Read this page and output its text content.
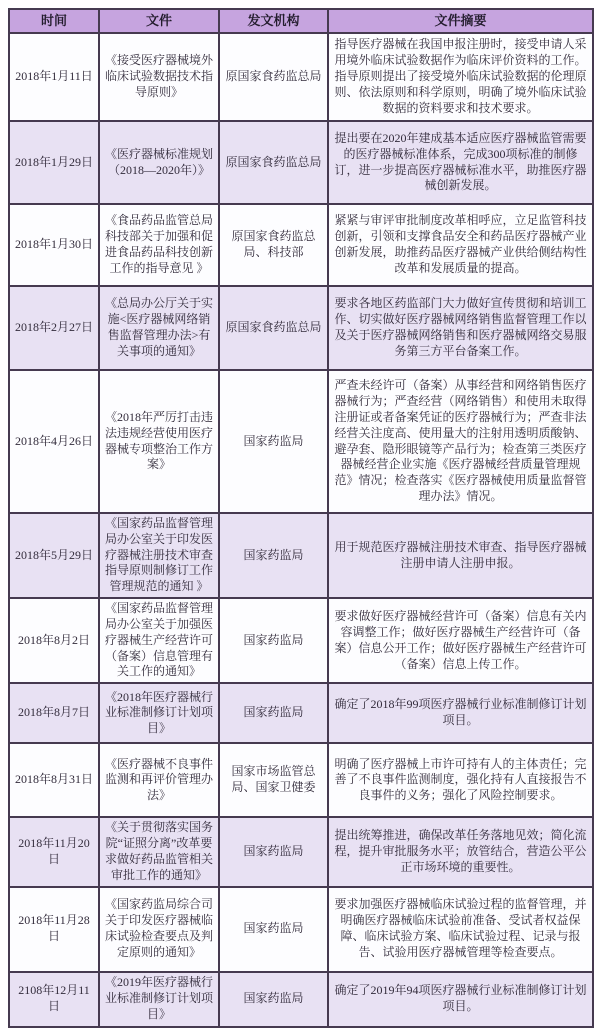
时间	文件	发文机构	文件摘要
2018年1月11日	《接受医疗器械境外临床试验数据技术指导原则》	原国家食药监总局	指导医疗器械在我国申报注册时，接受申请人采用境外临床试验数据作为临床评价资料的工作。指导原则提出了接受境外临床试验数据的伦理原则、依法原则和科学原则，明确了境外临床试验数据的资料要求和技术要求。
2018年1月29日	《医疗器械标准规划（2018—2020年）》	原国家食药监总局	提出要在2020年建成基本适应医疗器械监管需要的医疗器械标准体系，完成300项标准的制修订，进一步提高医疗器械标准水平，助推医疗器械创新发展。
2018年1月30日	《食品药品监管总局科技部关于加强和促进食品药品科技创新工作的指导意见 》	原国家食药监总局、科技部	紧紧与审评审批制度改革相呼应，立足监管科技创新，引领和支撑食品安全和药品医疗器械产业创新发展，助推药品医疗器械产业供给侧结构性改革和发展质量的提高。
2018年2月27日	《总局办公厅关于实施<医疗器械网络销售监督管理办法>有关事项的通知》	原国家食药监总局	要求各地区药监部门大力做好宣传贯彻和培训工作、切实做好医疗器械网络销售监督管理工作以及关于医疗器械网络销售和医疗器械网络交易服务第三方平台备案工作。
2018年4月26日	《2018年严厉打击违法违规经营使用医疗器械专项整治工作方案》	国家药监局	严查未经许可（备案）从事经营和网络销售医疗器械行为；严查经营（网络销售）和使用未取得注册证或者备案凭证的医疗器械行为；严查非法经营关注度高、使用量大的注射用透明质酸钠、避孕套、隐形眼镜等产品行为；检查第三类医疗器械经营企业实施《医疗器械经营质量管理规范》情况；检查落实《医疗器械使用质量监督管理办法》情况。
2018年5月29日	《国家药品监督管理局办公室关于印发医疗器械注册技术审查指导原则制修订工作管理规范的通知 》	国家药监局	用于规范医疗器械注册技术审查、指导医疗器械注册申请人注册申报。
2018年8月2日	《国家药品监督管理局办公室关于加强医疗器械生产经营许可（备案）信息管理有关工作的通知》	国家药监局	要求做好医疗器械经营许可（备案）信息有关内容调整工作；做好医疗器械生产经营许可（备案）信息公开工作；做好医疗器械生产经营许可（备案）信息上传工作。
2018年8月7日	《2018年医疗器械行业标准制修订计划项目》	国家药监局	确定了2018年99项医疗器械行业标准制修订计划项目。
2018年8月31日	《医疗器械不良事件监测和再评价管理办法》	国家市场监管总局、国家卫健委	明确了医疗器械上市许可持有人的主体责任；完善了不良事件监测制度，强化持有人直接报告不良事件的义务；强化了风险控制要求。
2018年11月20日	《关于贯彻落实国务院“证照分离”改革要求做好药品监管相关审批工作的通知》	国家药监局	提出统筹推进，确保改革任务落地见效；简化流程，提升审批服务水平；放管结合，营造公平公正市场环境的重要性。
2018年11月28日	《国家药监局综合司关于印发医疗器械临床试验检查要点及判定原则的通知》	国家药监局	要求加强医疗器械临床试验过程的监督管理，并明确医疗器械临床试验前准备、受试者权益保障、临床试验方案、临床试验过程、记录与报告、试验用医疗器械管理等检查要点。
2108年12月11日	《2019年医疗器械行业标准制修订计划项目》	国家药监局	确定了2019年94项医疗器械行业标准制修订计划项目。
